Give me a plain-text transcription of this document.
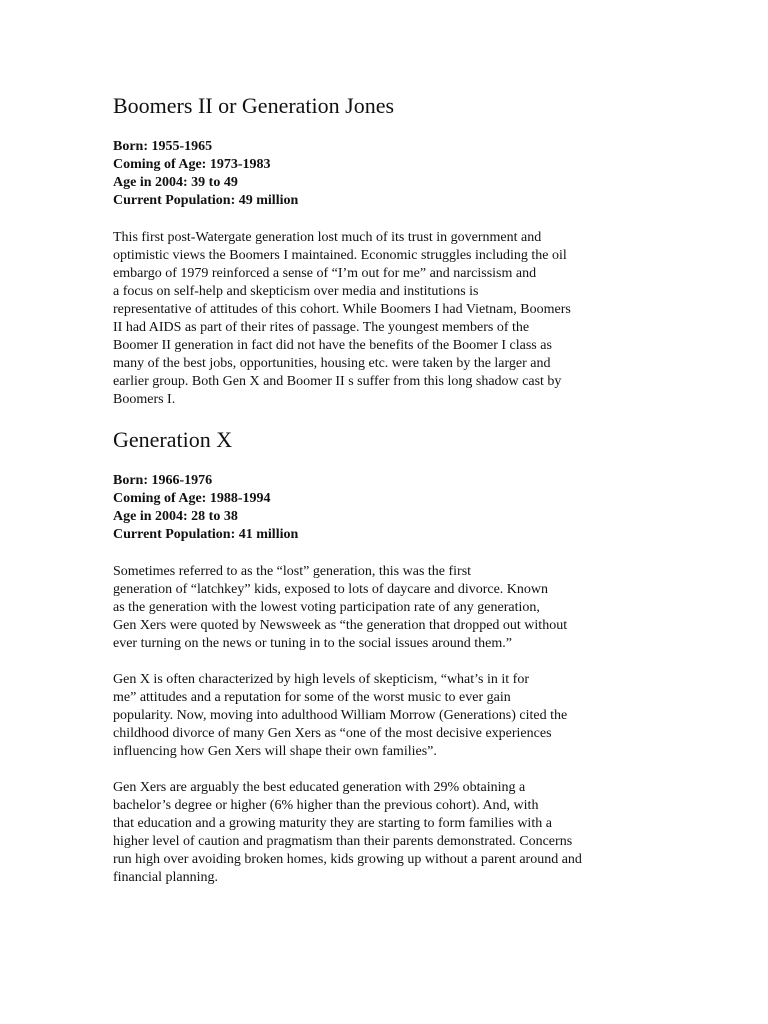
Boomers II or Generation Jones
Born: 1955-1965
Coming of Age: 1973-1983
Age in 2004: 39 to 49
Current Population: 49 million

This first post-Watergate generation lost much of its trust in government and
optimistic views the Boomers I maintained. Economic struggles including the oil
embargo of 1979 reinforced a sense of “I’m out for me” and narcissism and
a focus on self-help and skepticism over media and institutions is
representative of attitudes of this cohort. While Boomers I had Vietnam, Boomers
II had AIDS as part of their rites of passage. The youngest members of the
Boomer II generation in fact did not have the benefits of the Boomer I class as
many of the best jobs, opportunities, housing etc. were taken by the larger and
earlier group. Both Gen X and Boomer II s suffer from this long shadow cast by
Boomers I.

Generation X
Born: 1966-1976
Coming of Age: 1988-1994
Age in 2004: 28 to 38
Current Population: 41 million

Sometimes referred to as the “lost” generation, this was the first
generation of “latchkey” kids, exposed to lots of daycare and divorce. Known
as the generation with the lowest voting participation rate of any generation,
Gen Xers were quoted by Newsweek as “the generation that dropped out without
ever turning on the news or tuning in to the social issues around them.”

Gen X is often characterized by high levels of skepticism, “what’s in it for
me” attitudes and a reputation for some of the worst music to ever gain
popularity. Now, moving into adulthood William Morrow (Generations) cited the
childhood divorce of many Gen Xers as “one of the most decisive experiences
influencing how Gen Xers will shape their own families”.

Gen Xers are arguably the best educated generation with 29% obtaining a
bachelor’s degree or higher (6% higher than the previous cohort). And, with
that education and a growing maturity they are starting to form families with a
higher level of caution and pragmatism than their parents demonstrated. Concerns
run high over avoiding broken homes, kids growing up without a parent around and
financial planning.
